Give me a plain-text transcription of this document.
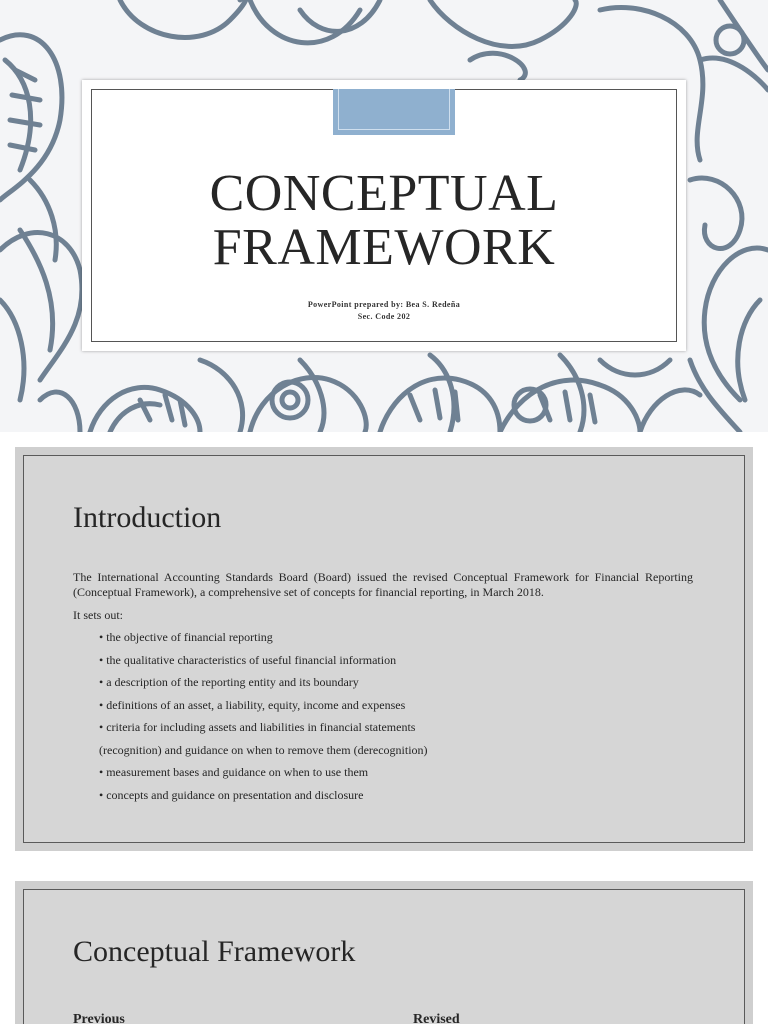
CONCEPTUAL
FRAMEWORK
PowerPoint prepared by: Bea S. Redeña
Sec. Code 202
Introduction
The International Accounting Standards Board (Board) issued the revised Conceptual Framework for Financial Reporting (Conceptual Framework), a comprehensive set of concepts for financial reporting, in March 2018.
It sets out:
• the objective of financial reporting
• the qualitative characteristics of useful financial information
• a description of the reporting entity and its boundary
• definitions of an asset, a liability, equity, income and expenses
• criteria for including assets and liabilities in financial statements
(recognition) and guidance on when to remove them (derecognition)
• measurement bases and guidance on when to use them
• concepts and guidance on presentation and disclosure
Conceptual Framework
Previous	Revised
